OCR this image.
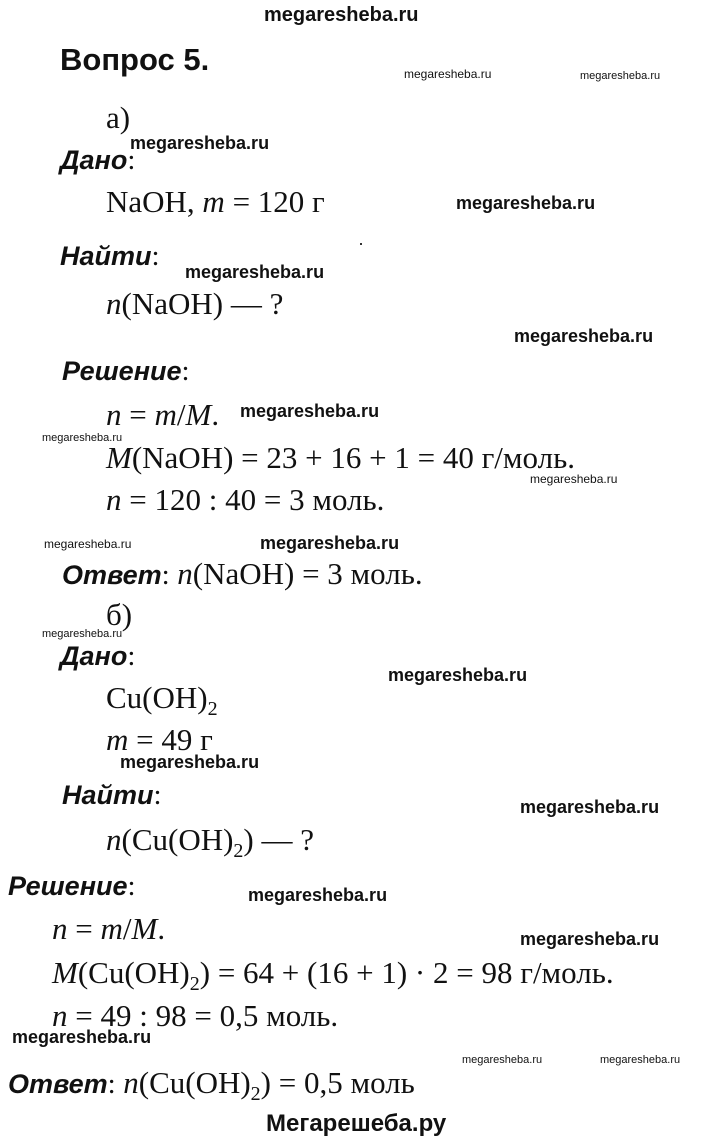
megaresheba.ru
Вопрос 5.
а)
Дано:
NaOH, m = 120 г
Найти:
n(NaOH) — ?
Решение:
n = m/M.
M(NaOH) = 23 + 16 + 1 = 40 г/моль.
n = 120 : 40 = 3 моль.
Ответ: n(NaOH) = 3 моль.
б)
Дано:
$Cu(OH)_2$
m = 49 г
Найти:
$n(Cu(OH)_2)$ — ?
Решение:
n = m/M.
$M(Cu(OH)_2) = 64 + (16 + 1) \cdot 2 = 98$ г/моль.
n = 49 : 98 = 0,5 моль.
Ответ: $n(Cu(OH)_2) = 0,5$ моль
megaresheba.ru	megaresheba.ru
megaresheba.ru
megaresheba.ru
megaresheba.ru
megaresheba.ru
megaresheba.ru
megaresheba.ru
megaresheba.ru
megaresheba.ru	megaresheba.ru
megaresheba.ru
megaresheba.ru
megaresheba.ru
megaresheba.ru
megaresheba.ru
megaresheba.ru
megaresheba.ru
megaresheba.ru	megaresheba.ru
Мегарешеба.ру
